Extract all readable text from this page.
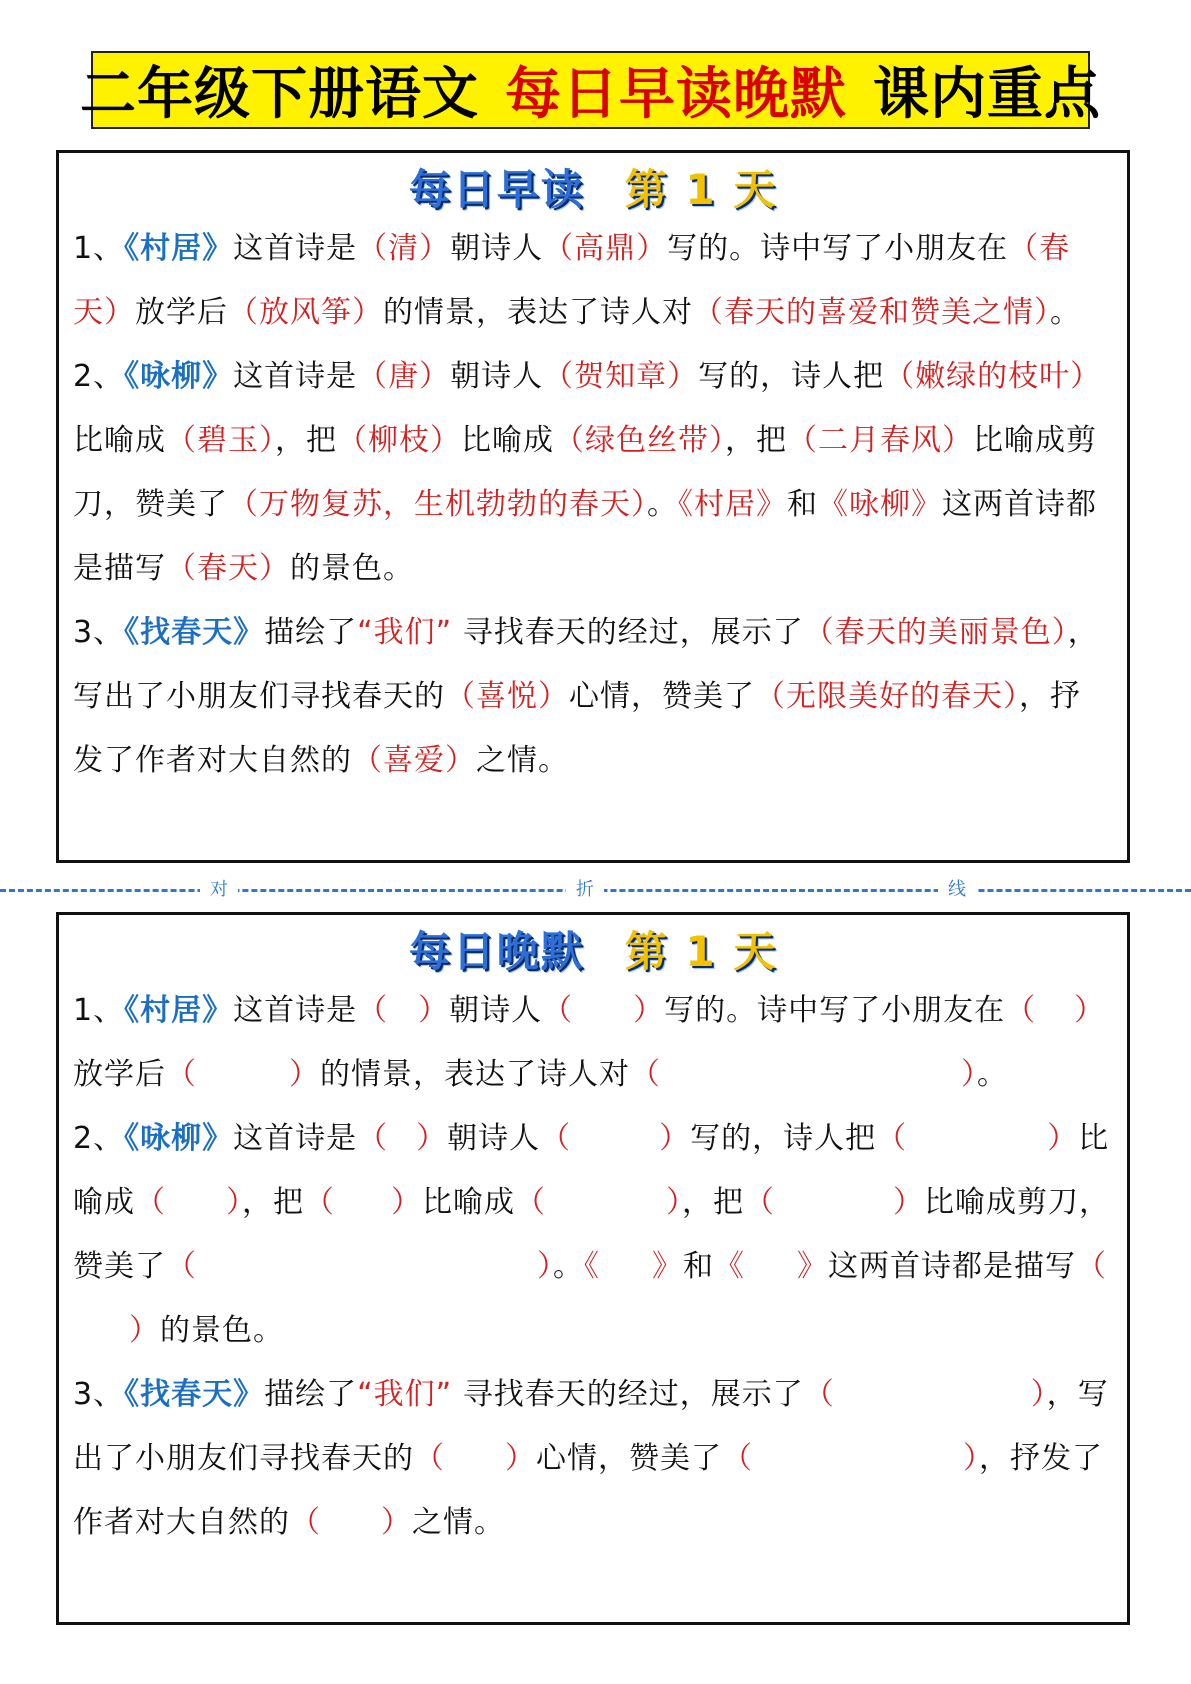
二年级下册语文 每日早读晚默 课内重点
每日早读 第 1 天

1、《村居》这首诗是（清）朝诗人（高鼎）写的。诗中写了小朋友在（春天）放学后（放风筝）的情景，表达了诗人对（春天的喜爱和赞美之情）。

2、《咏柳》这首诗是（唐）朝诗人（贺知章）写的，诗人把（嫩绿的枝叶）比喻成（碧玉），把（柳枝）比喻成（绿色丝带），把（二月春风）比喻成剪刀，赞美了（万物复苏，生机勃勃的春天）。《村居》和《咏柳》这两首诗都是描写（春天）的景色。

3、《找春天》描绘了“我们” 寻找春天的经过，展示了（春天的美丽景色），写出了小朋友们寻找春天的（喜悦）心情，赞美了（无限美好的春天），抒发了作者对大自然的（喜爱）之情。

对	折	线
每日晚默 第 1 天

1、《村居》这首诗是（ ）朝诗人（ ）写的。诗中写了小朋友在（ ）放学后（	）的情景，表达了诗人对（	）。

2、《咏柳》这首诗是（ ）朝诗人（	）写的，诗人把（	）比喻成（ ），把（ ）比喻成（	），把（	）比喻成剪刀，赞美了（	）。《 》和《 》这两首诗都是描写（）的景色。

3、《找春天》描绘了“我们” 寻找春天的经过，展示了（	），写出了小朋友们寻找春天的（ ）心情，赞美了（	），抒发了作者对大自然的（ ）之情。
